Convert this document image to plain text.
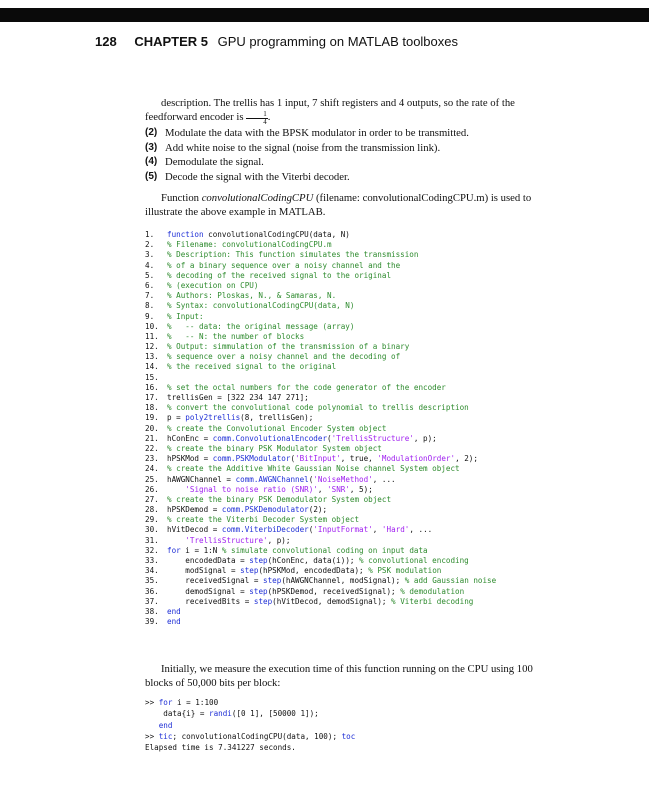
128 CHAPTER 5 GPU programming on MATLAB toolboxes

description. The trellis has 1 input, 7 shift registers and 4 outputs, so the rate of the feedforward encoder is $\frac{1}{4}$ .

(2) Modulate the data with the BPSK modulator in order to be transmitted.
(3) Add white noise to the signal (noise from the transmission link).
(4) Demodulate the signal.
(5) Decode the signal with the Viterbi decoder.

Function convolutionalCodingCPU (filename: convolutionalCodingCPU.m) is used to illustrate the above example in MATLAB.

1. function convolutionalCodingCPU(data, N)
2. % Filename: convolutionalCodingCPU.m
3. % Description: This function simulates the transmission
4. % of a binary sequence over a noisy channel and the
5. % decoding of the received signal to the original
6. % (execution on CPU)
7. % Authors: Ploskas, N., & Samaras, N.
8. % Syntax: convolutionalCodingCPU(data, N)
9. % Input:
10. %   -- data: the original message (array)
11. %   -- N: the number of blocks
12. % Output: simmulation of the transmission of a binary
13. % sequence over a noisy channel and the decoding of
14. % the received signal to the original
15.
16. % set the octal numbers for the code generator of the encoder
17. trellisGen = [322 234 147 271];
18. % convert the convolutional code polynomial to trellis description
19. p = poly2trellis(8, trellisGen);
20. % create the Convolutional Encoder System object
21. hConEnc = comm.ConvolutionalEncoder('TrellisStructure', p);
22. % create the binary PSK Modulator System object
23. hPSKMod = comm.PSKModulator('BitInput', true, 'ModulationOrder', 2);
24. % create the Additive White Gaussian Noise channel System object
25. hAWGNChannel = comm.AWGNChannel('NoiseMethod', ...
26.	'Signal to noise ratio (SNR)', 'SNR', 5);
27. % create the binary PSK Demodulator System object
28. hPSKDemod = comm.PSKDemodulator(2);
29. % create the Viterbi Decoder System object
30. hVitDecod = comm.ViterbiDecoder('InputFormat', 'Hard', ...
31.	'TrellisStructure', p);
32. for i = 1:N % simulate convolutional coding on input data
33.    encodedData = step(hConEnc, data(i)); % convolutional encoding
34.    modSignal = step(hPSKMod, encodedData); % PSK modulation
35.    receivedSignal = step(hAWGNChannel, modSignal); % add Gaussian noise
36.    demodSignal = step(hPSKDemod, receivedSignal); % demodulation
37.    receivedBits = step(hVitDecod, demodSignal); % Viterbi decoding
38. end
39. end

Initially, we measure the execution time of this function running on the CPU using 100 blocks of 50,000 bits per block:

>> for i = 1:100
data{i} = randi([0 1], [50000 1]);
end
>> tic; convolutionalCodingCPU(data, 100); toc
Elapsed time is 7.341227 seconds.
